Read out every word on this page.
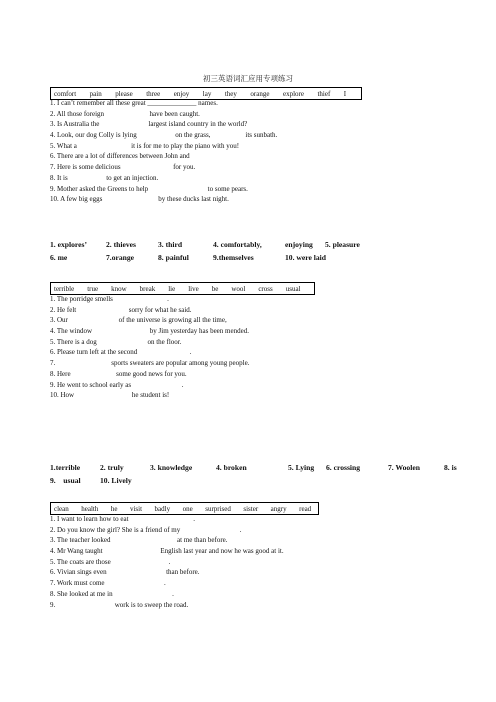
初三英语词汇应用专项练习
comfort pain please three enjoy lay they orange explore thief I
1. I can’t remember all these great ______________ names.
2. All those foreign                          have been caught.
3. Is Australia the                            largest island country in the world?
4. Look, our dog Colly is lying                      on the grass,                    its sunbath.
5. What a                               it is for me to play the piano with you!
6. There are a lot of differences between John and
7. Here is some delicious                              for you.
8. It is                      to get an injection.
9. Mother asked the Greens to help                                  to some pears.
10. A few big eggs                                by these ducks last night.
1. explores’	2. thieves	3. third	4. comfortably,	enjoying 5. pleasure
6. me	7.orange	8. painful	9.themselves	10. were laid
terrible true know break lie live be wool cross usual
1. The porridge smells                               .
2. He felt                              sorry for what he said.
3. Our                             of the universe is growing all the time,
4. The window                                 by Jim yesterday has been mended.
5. There is a dog                             on the floor.
6. Please turn left at the second                              .
7.                                sports sweaters are popular among young people.
8. Here                          some good news for you.
9. He went to school early as                             .
10. How                                 he student is!
1.terrible	2. truly	3. knowledge	4. broken	5. Lying 6. crossing	7. Woolen	8. is
9.    usual	10. Lively
clean health he visit badly one surprised sister angry read
1. I want to learn how to eat                                     .
2. Do you know the girl? She is a friend of my                                  .
3. The teacher looked                                      at me than before.
4. Mr Wang taught                                 English last year and now he was good at it.
5. The coats are those                                 .
6. Vivian sings even                                  than before.
7. Work must come                                  .
8. She looked at me in                                  .
9.                                  work is to sweep the road.
